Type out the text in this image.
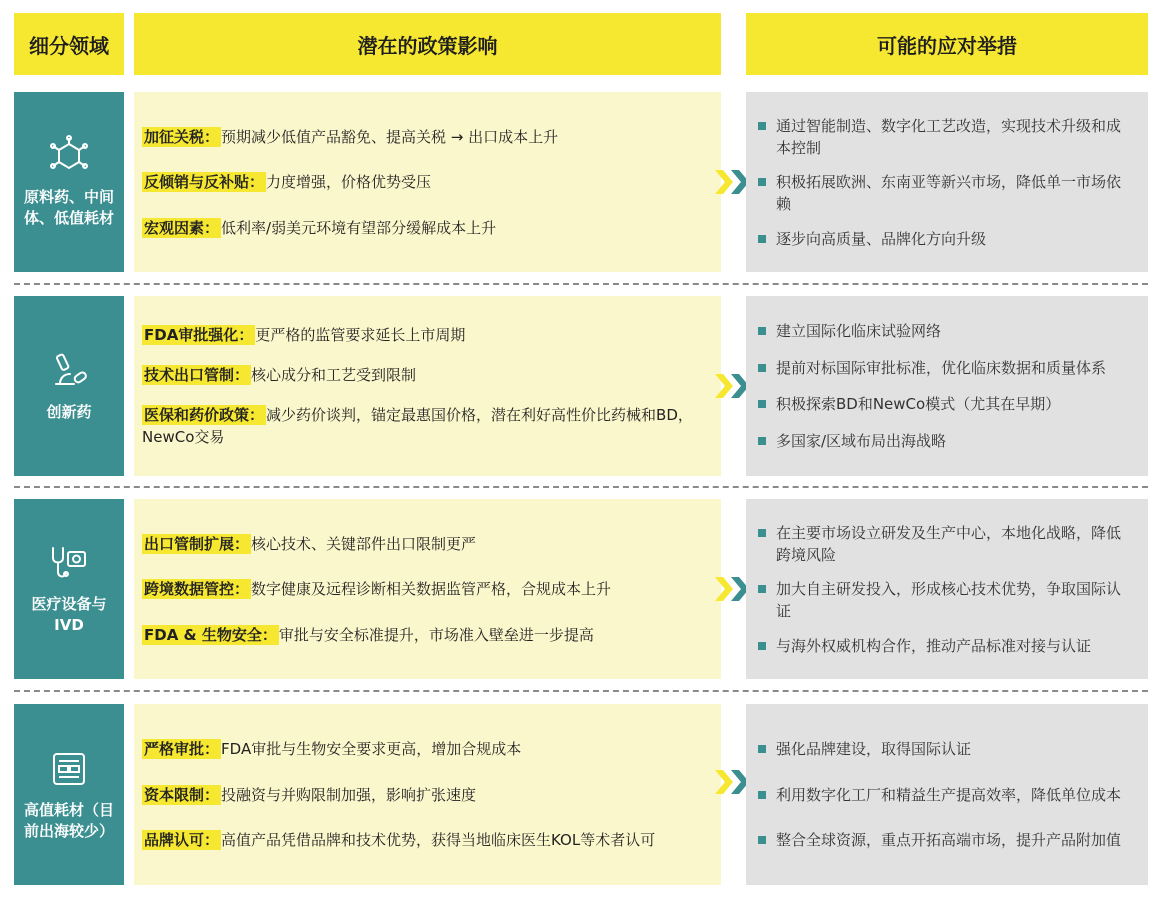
细分领域	潜在的政策影响	可能的应对举措
原料药、中间体、低值耗材
加征关税： 预期减少低值产品豁免、提高关税 → 出口成本上升
反倾销与反补贴： 力度增强，价格优势受压
宏观因素： 低利率/弱美元环境有望部分缓解成本上升
通过智能制造、数字化工艺改造，实现技术升级和成本控制
积极拓展欧洲、东南亚等新兴市场，降低单一市场依赖
逐步向高质量、品牌化方向升级
创新药
FDA审批强化： 更严格的监管要求延长上市周期
技术出口管制： 核心成分和工艺受到限制
医保和药价政策： 减少药价谈判，锚定最惠国价格，潜在利好高性价比药械和BD，NewCo交易
建立国际化临床试验网络
提前对标国际审批标准，优化临床数据和质量体系
积极探索BD和NewCo模式（尤其在早期）
多国家/区域布局出海战略
医疗设备与IVD
出口管制扩展： 核心技术、关键部件出口限制更严
跨境数据管控： 数字健康及远程诊断相关数据监管严格，合规成本上升
FDA & 生物安全： 审批与安全标准提升，市场准入壁垒进一步提高
在主要市场设立研发及生产中心，本地化战略，降低跨境风险
加大自主研发投入，形成核心技术优势，争取国际认证
与海外权威机构合作，推动产品标准对接与认证
高值耗材（目前出海较少）
严格审批： FDA审批与生物安全要求更高，增加合规成本
资本限制： 投融资与并购限制加强，影响扩张速度
品牌认可： 高值产品凭借品牌和技术优势，获得当地临床医生KOL等术者认可
强化品牌建设，取得国际认证
利用数字化工厂和精益生产提高效率，降低单位成本
整合全球资源，重点开拓高端市场，提升产品附加值
